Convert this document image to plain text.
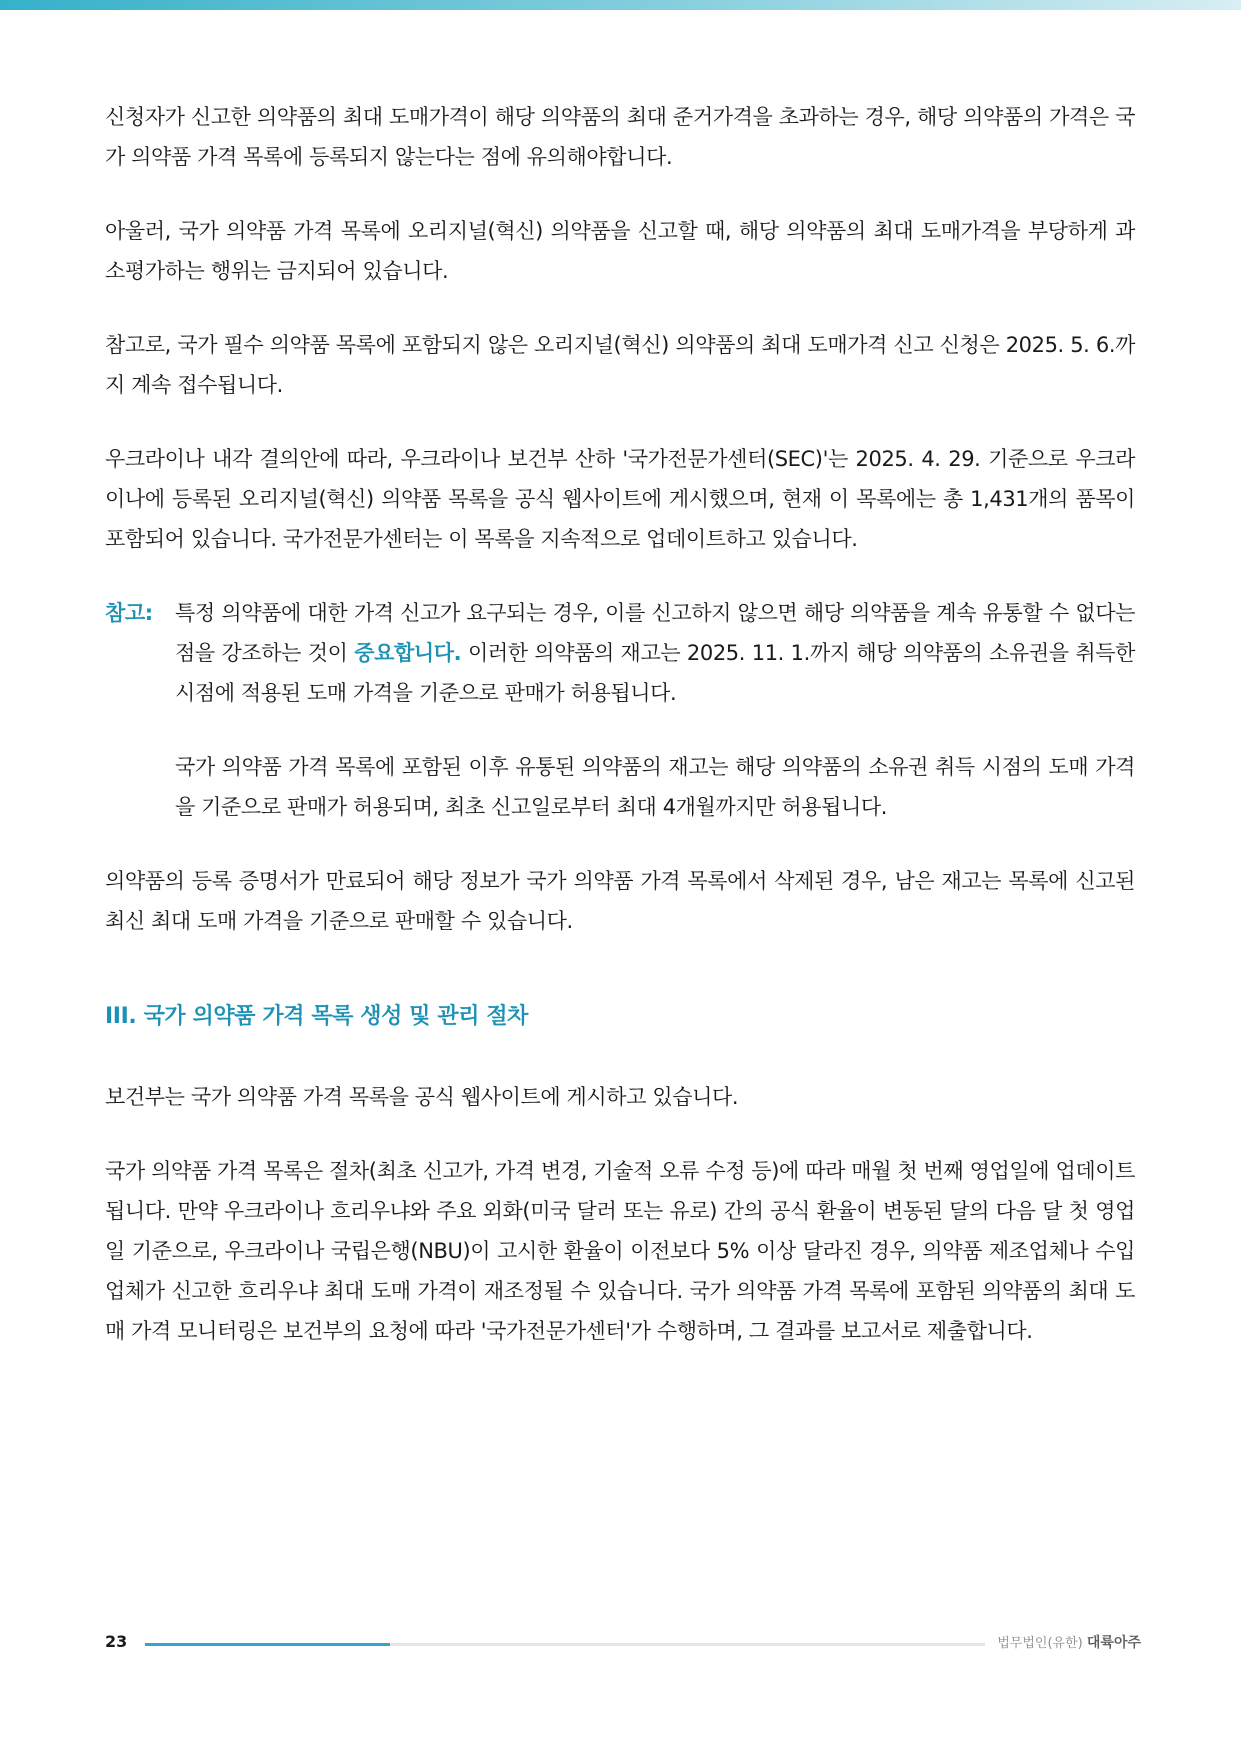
신청자가 신고한 의약품의 최대 도매가격이 해당 의약품의 최대 준거가격을 초과하는 경우, 해당 의약품의 가격은 국가 의약품 가격 목록에 등록되지 않는다는 점에 유의해야합니다.

아울러, 국가 의약품 가격 목록에 오리지널(혁신) 의약품을 신고할 때, 해당 의약품의 최대 도매가격을 부당하게 과소평가하는 행위는 금지되어 있습니다.

참고로, 국가 필수 의약품 목록에 포함되지 않은 오리지널(혁신) 의약품의 최대 도매가격 신고 신청은 2025. 5. 6.까지 계속 접수됩니다.

우크라이나 내각 결의안에 따라, 우크라이나 보건부 산하 '국가전문가센터(SEC)'는 2025. 4. 29. 기준으로 우크라이나에 등록된 오리지널(혁신) 의약품 목록을 공식 웹사이트에 게시했으며, 현재 이 목록에는 총 1,431개의 품목이 포함되어 있습니다. 국가전문가센터는 이 목록을 지속적으로 업데이트하고 있습니다.

참고: 특정 의약품에 대한 가격 신고가 요구되는 경우, 이를 신고하지 않으면 해당 의약품을 계속 유통할 수 없다는 점을 강조하는 것이 중요합니다. 이러한 의약품의 재고는 2025. 11. 1.까지 해당 의약품의 소유권을 취득한 시점에 적용된 도매 가격을 기준으로 판매가 허용됩니다.

국가 의약품 가격 목록에 포함된 이후 유통된 의약품의 재고는 해당 의약품의 소유권 취득 시점의 도매 가격을 기준으로 판매가 허용되며, 최초 신고일로부터 최대 4개월까지만 허용됩니다.

의약품의 등록 증명서가 만료되어 해당 정보가 국가 의약품 가격 목록에서 삭제된 경우, 남은 재고는 목록에 신고된 최신 최대 도매 가격을 기준으로 판매할 수 있습니다.

III. 국가 의약품 가격 목록 생성 및 관리 절차

보건부는 국가 의약품 가격 목록을 공식 웹사이트에 게시하고 있습니다.

국가 의약품 가격 목록은 절차(최초 신고가, 가격 변경, 기술적 오류 수정 등)에 따라 매월 첫 번째 영업일에 업데이트됩니다. 만약 우크라이나 흐리우냐와 주요 외화(미국 달러 또는 유로) 간의 공식 환율이 변동된 달의 다음 달 첫 영업일 기준으로, 우크라이나 국립은행(NBU)이 고시한 환율이 이전보다 5% 이상 달라진 경우, 의약품 제조업체나 수입업체가 신고한 흐리우냐 최대 도매 가격이 재조정될 수 있습니다. 국가 의약품 가격 목록에 포함된 의약품의 최대 도매 가격 모니터링은 보건부의 요청에 따라 '국가전문가센터'가 수행하며, 그 결과를 보고서로 제출합니다.

23	법무법인(유한) 대륙아주
